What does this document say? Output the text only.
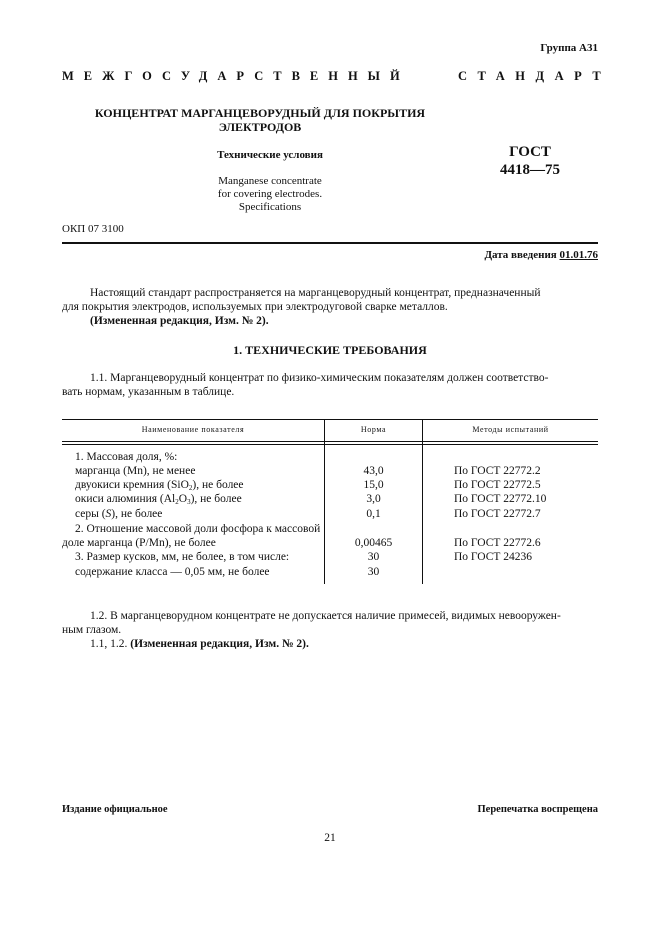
Группа А31
МЕЖГОСУДАРСТВЕННЫЙ	СТАНДАРТ
КОНЦЕНТРАТ МАРГАНЦЕВОРУДНЫЙ ДЛЯ ПОКРЫТИЯ
ЭЛЕКТРОДОВ
Технические условия	ГОСТ
4418—75
Manganese concentrate
for covering electrodes.
Specifications
ОКП 07 3100
Дата введения 01.01.76
Настоящий стандарт распространяется на марганцеворудный концентрат, предназначенный
для покрытия электродов, используемых при электродуговой сварке металлов.
(Измененная редакция, Изм. № 2).
1. ТЕХНИЧЕСКИЕ ТРЕБОВАНИЯ
1.1. Марганцеворудный концентрат по физико-химическим показателям должен соответство-
вать нормам, указанным в таблице.
Наименование показателя	Норма	Методы испытаний
1. Массовая доля, %:
марганца (Mn), не менее	43,0	По ГОСТ 22772.2
двуокиси кремния (SiO$_2$), не более	15,0	По ГОСТ 22772.5
окиси алюминия $(Al_2O_3)$, не более	3,0	По ГОСТ 22772.10
серы (S), не более	0,1	По ГОСТ 22772.7
2. Отношение массовой доли фосфора к массовой
доле марганца (P/Mn), не более	0,00465	По ГОСТ 22772.6
3. Размер кусков, мм, не более, в том числе:	30	По ГОСТ 24236
содержание класса — 0,05 мм, не более	30
1.2. В марганцеворудном концентрате не допускается наличие примесей, видимых невооружен-
ным глазом.
1.1, 1.2. (Измененная редакция, Изм. № 2).
Издание официальное	Перепечатка воспрещена
21
